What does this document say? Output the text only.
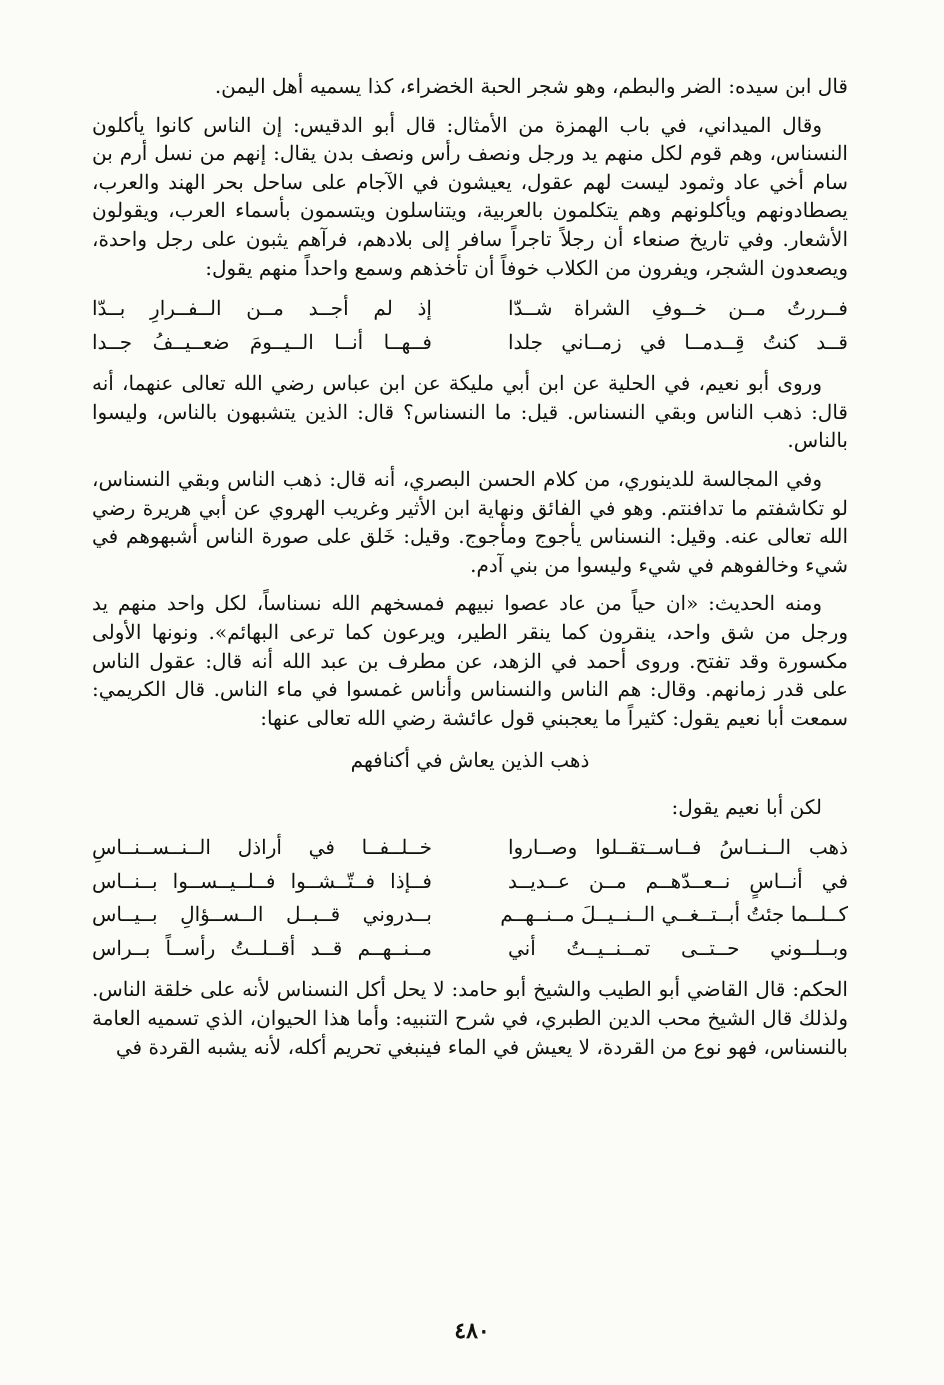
قال ابن سيده: الضر والبطم، وهو شجر الحبة الخضراء، كذا يسميه أهل اليمن.

وقال الميداني، في باب الهمزة من الأمثال: قال أبو الدقيس: إن الناس كانوا يأكلون النسناس، وهم قوم لكل منهم يد ورجل ونصف رأس ونصف بدن يقال: إنهم من نسل أرم بن سام أخي عاد وثمود ليست لهم عقول، يعيشون في الآجام على ساحل بحر الهند والعرب، يصطادونهم ويأكلونهم وهم يتكلمون بالعربية، ويتناسلون ويتسمون بأسماء العرب، ويقولون الأشعار. وفي تاريخ صنعاء أن رجلاً تاجراً سافر إلى بلادهم، فرآهم يثبون على رجل واحدة، ويصعدون الشجر، ويفرون من الكلاب خوفاً أن تأخذهم وسمع واحداً منهم يقول:

فــررتُ مــن خــوفِ الشراة شــدّا
إذ لم أجــد مــن الــفــرارِ بــدّا
قــد كنتُ قِــدمــا في زمــاني جلدا
فــهــا أنــا الــيــومَ ضعــيــفُ جــدا

وروى أبو نعيم، في الحلية عن ابن أبي مليكة عن ابن عباس رضي الله تعالى عنهما، أنه قال: ذهب الناس وبقي النسناس. قيل: ما النسناس؟ قال: الذين يتشبهون بالناس، وليسوا بالناس.

وفي المجالسة للدينوري، من كلام الحسن البصري، أنه قال: ذهب الناس وبقي النسناس، لو تكاشفتم ما تدافنتم. وهو في الفائق ونهاية ابن الأثير وغريب الهروي عن أبي هريرة رضي الله تعالى عنه. وقيل: النسناس يأجوج ومأجوج. وقيل: خَلق على صورة الناس أشبهوهم في شيء وخالفوهم في شيء وليسوا من بني آدم.

ومنه الحديث: «ان حياً من عاد عصوا نبيهم فمسخهم الله نسناساً، لكل واحد منهم يد ورجل من شق واحد، ينقرون كما ينقر الطير، ويرعون كما ترعى البهائم». ونونها الأولى مكسورة وقد تفتح. وروى أحمد في الزهد، عن مطرف بن عبد الله أنه قال: عقول الناس على قدر زمانهم. وقال: هم الناس والنسناس وأناس غمسوا في ماء الناس. قال الكريمي: سمعت أبا نعيم يقول: كثيراً ما يعجبني قول عائشة رضي الله تعالى عنها:

ذهب الذين يعاش في أكنافهم

لكن أبا نعيم يقول:

ذهب الــنــاسُ فــاســتقــلوا وصــاروا
خــلــفــا في أراذل الــنــســنــاسِ
في أنــاسٍ نــعــدّهــم مــن عــديــد
فــإذا فــتّــشــوا فــلــيــســوا بــنــاس
كــلــما جئتُ أبــتــغــي الــنــيــلَ مــنــهــم
بــدروني قــبــل الــســؤالِ بــيــاس
وبــلــوني حــتــى تمــنــيــتُ أني
مــنــهــم قــد أقــلــتُ رأســاً بــراس

الحكم: قال القاضي أبو الطيب والشيخ أبو حامد: لا يحل أكل النسناس لأنه على خلقة الناس. ولذلك قال الشيخ محب الدين الطبري، في شرح التنبيه: وأما هذا الحيوان، الذي تسميه العامة بالنسناس، فهو نوع من القردة، لا يعيش في الماء فينبغي تحريم أكله، لأنه يشبه القردة في

٤٨٠
